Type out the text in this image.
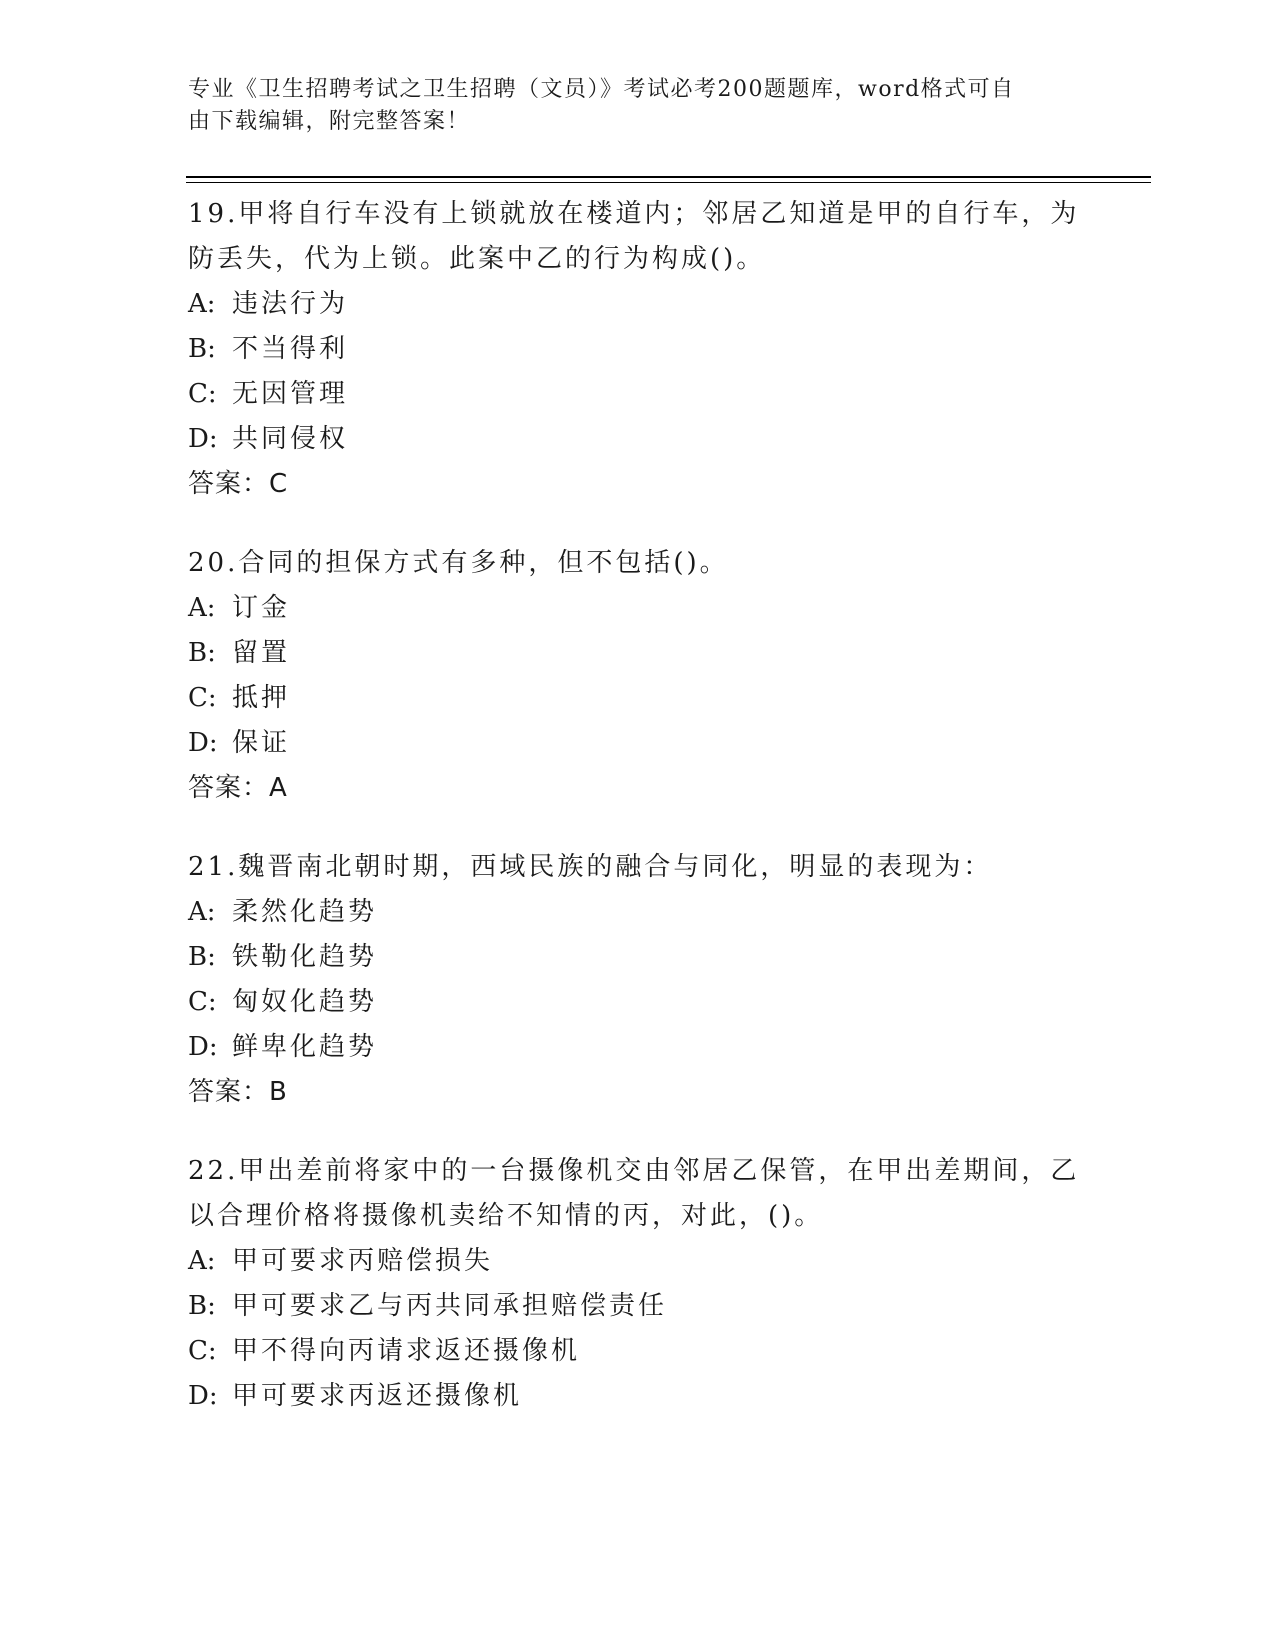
专业《卫生招聘考试之卫生招聘（文员）》考试必考200题题库，word格式可自
由下载编辑，附完整答案！
19.甲将自行车没有上锁就放在楼道内；邻居乙知道是甲的自行车，为
防丢失，代为上锁。此案中乙的行为构成()。
A: 违法行为
B: 不当得利
C: 无因管理
D: 共同侵权
答案：C
20.合同的担保方式有多种，但不包括()。
A: 订金
B: 留置
C: 抵押
D: 保证
答案：A
21.魏晋南北朝时期，西域民族的融合与同化，明显的表现为：
A: 柔然化趋势
B: 铁勒化趋势
C: 匈奴化趋势
D: 鲜卑化趋势
答案：B
22.甲出差前将家中的一台摄像机交由邻居乙保管，在甲出差期间，乙
以合理价格将摄像机卖给不知情的丙，对此，()。
A: 甲可要求丙赔偿损失
B: 甲可要求乙与丙共同承担赔偿责任
C: 甲不得向丙请求返还摄像机
D: 甲可要求丙返还摄像机
